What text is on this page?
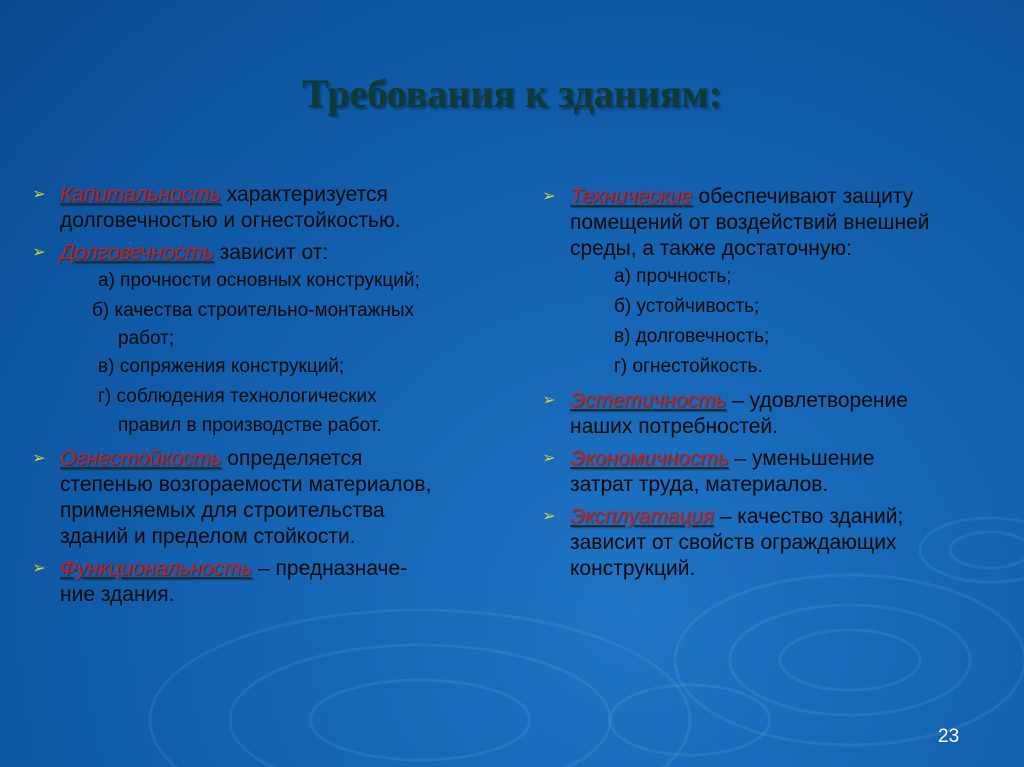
Требования к зданиям:
➢ Капитальность характеризуется
долговечностью и огнестойкостью.
➢ Долговечность зависит от:
а) прочности основных конструкций;
б) качества строительно-монтажных
работ;
в) сопряжения конструкций;
г) соблюдения технологических
правил в производстве работ.
➢ Огнестойкость определяется
степенью возгораемости материалов,
применяемых для строительства
зданий и пределом стойкости.
➢ Функциональность – предназначе-
ние здания.
➢ Технические обеспечивают защиту
помещений от воздействий внешней
среды, а также достаточную:
а) прочность;
б) устойчивость;
в) долговечность;
г) огнестойкость.
➢ Эстетичность – удовлетворение
наших потребностей.
➢ Экономичность – уменьшение
затрат труда, материалов.
➢ Эксплуатация – качество зданий;
зависит от свойств ограждающих
конструкций.
23
